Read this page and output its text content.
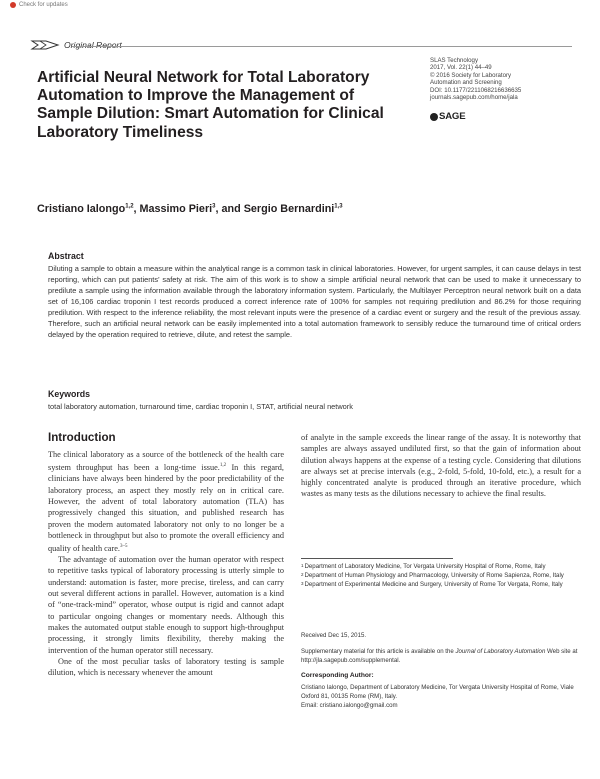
Check for updates
Original Report
Artificial Neural Network for Total Laboratory Automation to Improve the Management of Sample Dilution: Smart Automation for Clinical Laboratory Timeliness
SLAS Technology
2017, Vol. 22(1) 44–49
© 2016 Society for Laboratory
Automation and Screening
DOI: 10.1177/2211068216636635
journals.sagepub.com/home/jala
SAGE
Cristiano Ialongo$^{1,2}$, Massimo Pieri$^3$, and Sergio Bernardini$^{1,3}$
Abstract

Diluting a sample to obtain a measure within the analytical range is a common task in clinical laboratories. However, for urgent samples, it can cause delays in test reporting, which can put patients’ safety at risk. The aim of this work is to show a simple artificial neural network that can be used to make it unnecessary to predilute a sample using the information available through the laboratory information system. Particularly, the Multilayer Perceptron neural network built on a data set of 16,106 cardiac troponin I test records produced a correct inference rate of 100% for samples not requiring predilution and 86.2% for those requiring predilution. With respect to the inference reliability, the most relevant inputs were the presence of a cardiac event or surgery and the result of the previous assay. Therefore, such an artificial neural network can be easily implemented into a total automation framework to sensibly reduce the turnaround time of critical orders delayed by the operation required to retrieve, dilute, and retest the sample.

Keywords
total laboratory automation, turnaround time, cardiac troponin I, STAT, artificial neural network
Introduction

The clinical laboratory as a source of the bottleneck of the health care system throughput has been a long-time issue.$^{1,2}$ In this regard, clinicians have always been hindered by the poor predictability of the laboratory process, an aspect they mostly rely on in critical care. However, the advent of total laboratory automation (TLA) has progressively changed this situation, and published research has proven the modern automated laboratory not only to no longer be a bottleneck in throughput but also to promote the overall efficiency and quality of health care.$^{3-5}$

The advantage of automation over the human operator with respect to repetitive tasks typical of laboratory processing is utterly simple to understand: automation is faster, more precise, tireless, and can carry out several different actions in parallel. However, automation is a kind of “one-track-mind” operator, whose output is rigid and cannot adapt to particular ongoing changes or momentary needs. Although this makes the automated output stable enough to support high-throughput processing, it strongly limits flexibility, thereby making the intervention of the human operator still necessary.

One of the most peculiar tasks of laboratory testing is sample dilution, which is necessary whenever the amount

of analyte in the sample exceeds the linear range of the assay. It is noteworthy that samples are always assayed undiluted first, so that the gain of information about dilution always happens at the expense of a testing cycle. Considering that dilutions are always set at precise intervals (e.g., 2-fold, 5-fold, 10-fold, etc.), a result for a highly concentrated analyte is produced through an iterative procedure, which wastes as many tests as the dilutions necessary to achieve the final results.

1 Department of Laboratory Medicine, Tor Vergata University Hospital of Rome, Rome, Italy
2 Department of Human Physiology and Pharmacology, University of Rome Sapienza, Rome, Italy
3 Department of Experimental Medicine and Surgery, University of Rome Tor Vergata, Rome, Italy
Received Dec 15, 2015.
Supplementary material for this article is available on the Journal of Laboratory Automation Web site at http://jla.sagepub.com/supplemental.
Corresponding Author:
Cristiano Ialongo, Department of Laboratory Medicine, Tor Vergata University Hospital of Rome, Viale Oxford 81, 00135 Rome (RM), Italy.
Email: cristiano.ialongo@gmail.com
